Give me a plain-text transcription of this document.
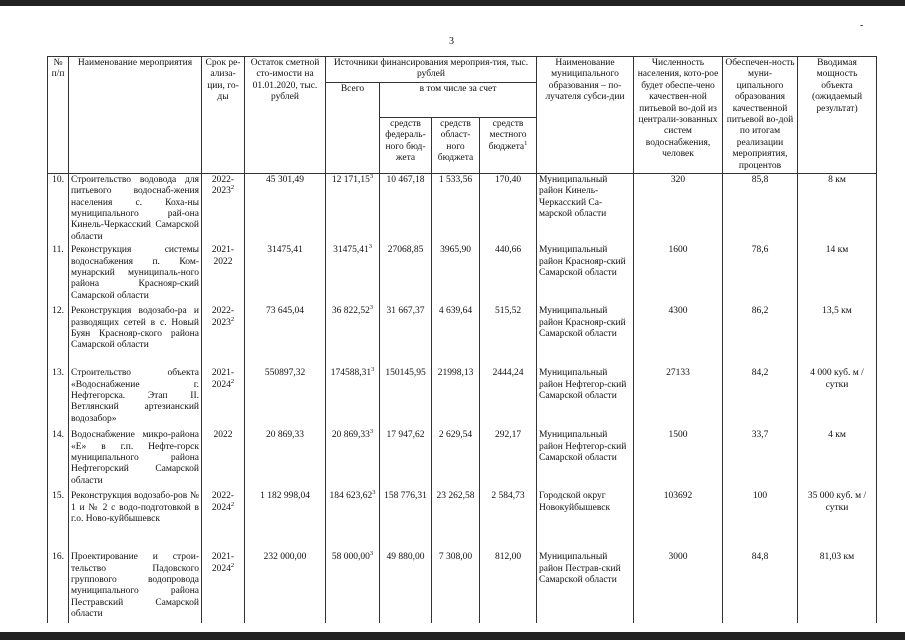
-
3
№ п/п	Наименование мероприятия	Срок ре-ализа-ции, го-ды	Остаток сметной сто-имости на 01.01.2020, тыс. рублей	Источники финансирования мероприя-тия, тыс. рублей				Наименование муниципального образования – по-лучателя субси-дии	Численность населения, кото-рое будет обеспе-чено качествен-ной питьевой во-дой из централи-зованных систем водоснабжения, человек	Обеспечен-ность муни-ципального образования качественной питьевой во-дой по итогам реализации мероприятия, процентов	Вводимая мощность объекта (ожидаемый результат)
				Всего	в том числе за счет						
					средств федераль-ного бюд-жета	средств област-ного бюджета	средств местного бюджета$^1$
10.	Строительство водовода для питьевого водоснаб-жения населения с. Коха-ны муниципального рай-она Кинель-Черкасский Самарской области	2022-2023$^2$	45 301,49	12 171,15$^3$	10 467,18	1 533,56	170,40	Муниципальный район Кинель-Черкасский Са-марской области	320	85,8	8 км
11.	Реконструкция системы водоснабжения п. Ком-мунарский муниципаль-ного района Краснояр-ский Самарской области	2021-2022	31475,41	31475,41$^3$	27068,85	3965,90	440,66	Муниципальный район Краснояр-ский Самарской области	1600	78,6	14 км
12.	Реконструкция водозабо-ра и разводящих сетей в с. Новый Буян Краснояр-ского района Самарской области	2022-2023$^2$	73 645,04	36 822,52$^3$	31 667,37	4 639,64	515,52	Муниципальный район Краснояр-ский Самарской области	4300	86,2	13,5 км
13.	Строительство объекта «Водоснабжение г. Нефтегорска. Этап II. Ветлянский артезианский водозабор»	2021-2024$^2$	550897,32	174588,31$^3$	150145,95	21998,13	2444,24	Муниципальный район Нефтегор-ский Самарской области	27133	84,2	4 000 куб. м / сутки
14.	Водоснабжение микро-района «Е» в г.п. Нефте-горск муниципального района Нефтегорский Самарской области	2022	20 869,33	20 869,33$^3$	17 947,62	2 629,54	292,17	Муниципальный район Нефтегор-ский Самарской области	1500	33,7	4 км
15.	Реконструкция водозабо-ров № 1 и № 2 с водо-подготовкой в г.о. Ново-куйбышевск	2022-2024$^2$	1 182 998,04	184 623,62$^3$	158 776,31	23 262,58	2 584,73	Городской округ Новокуйбышевск	103692	100	35 000 куб. м / сутки
16.	Проектирование и строи-тельство Падовского группового водопровода муниципального района Пестравский Самарской области	2021-2024$^2$	232 000,00	58 000,00$^3$	49 880,00	7 308,00	812,00	Муниципальный район Пестрав-ский Самарской области	3000	84,8	81,03 км
